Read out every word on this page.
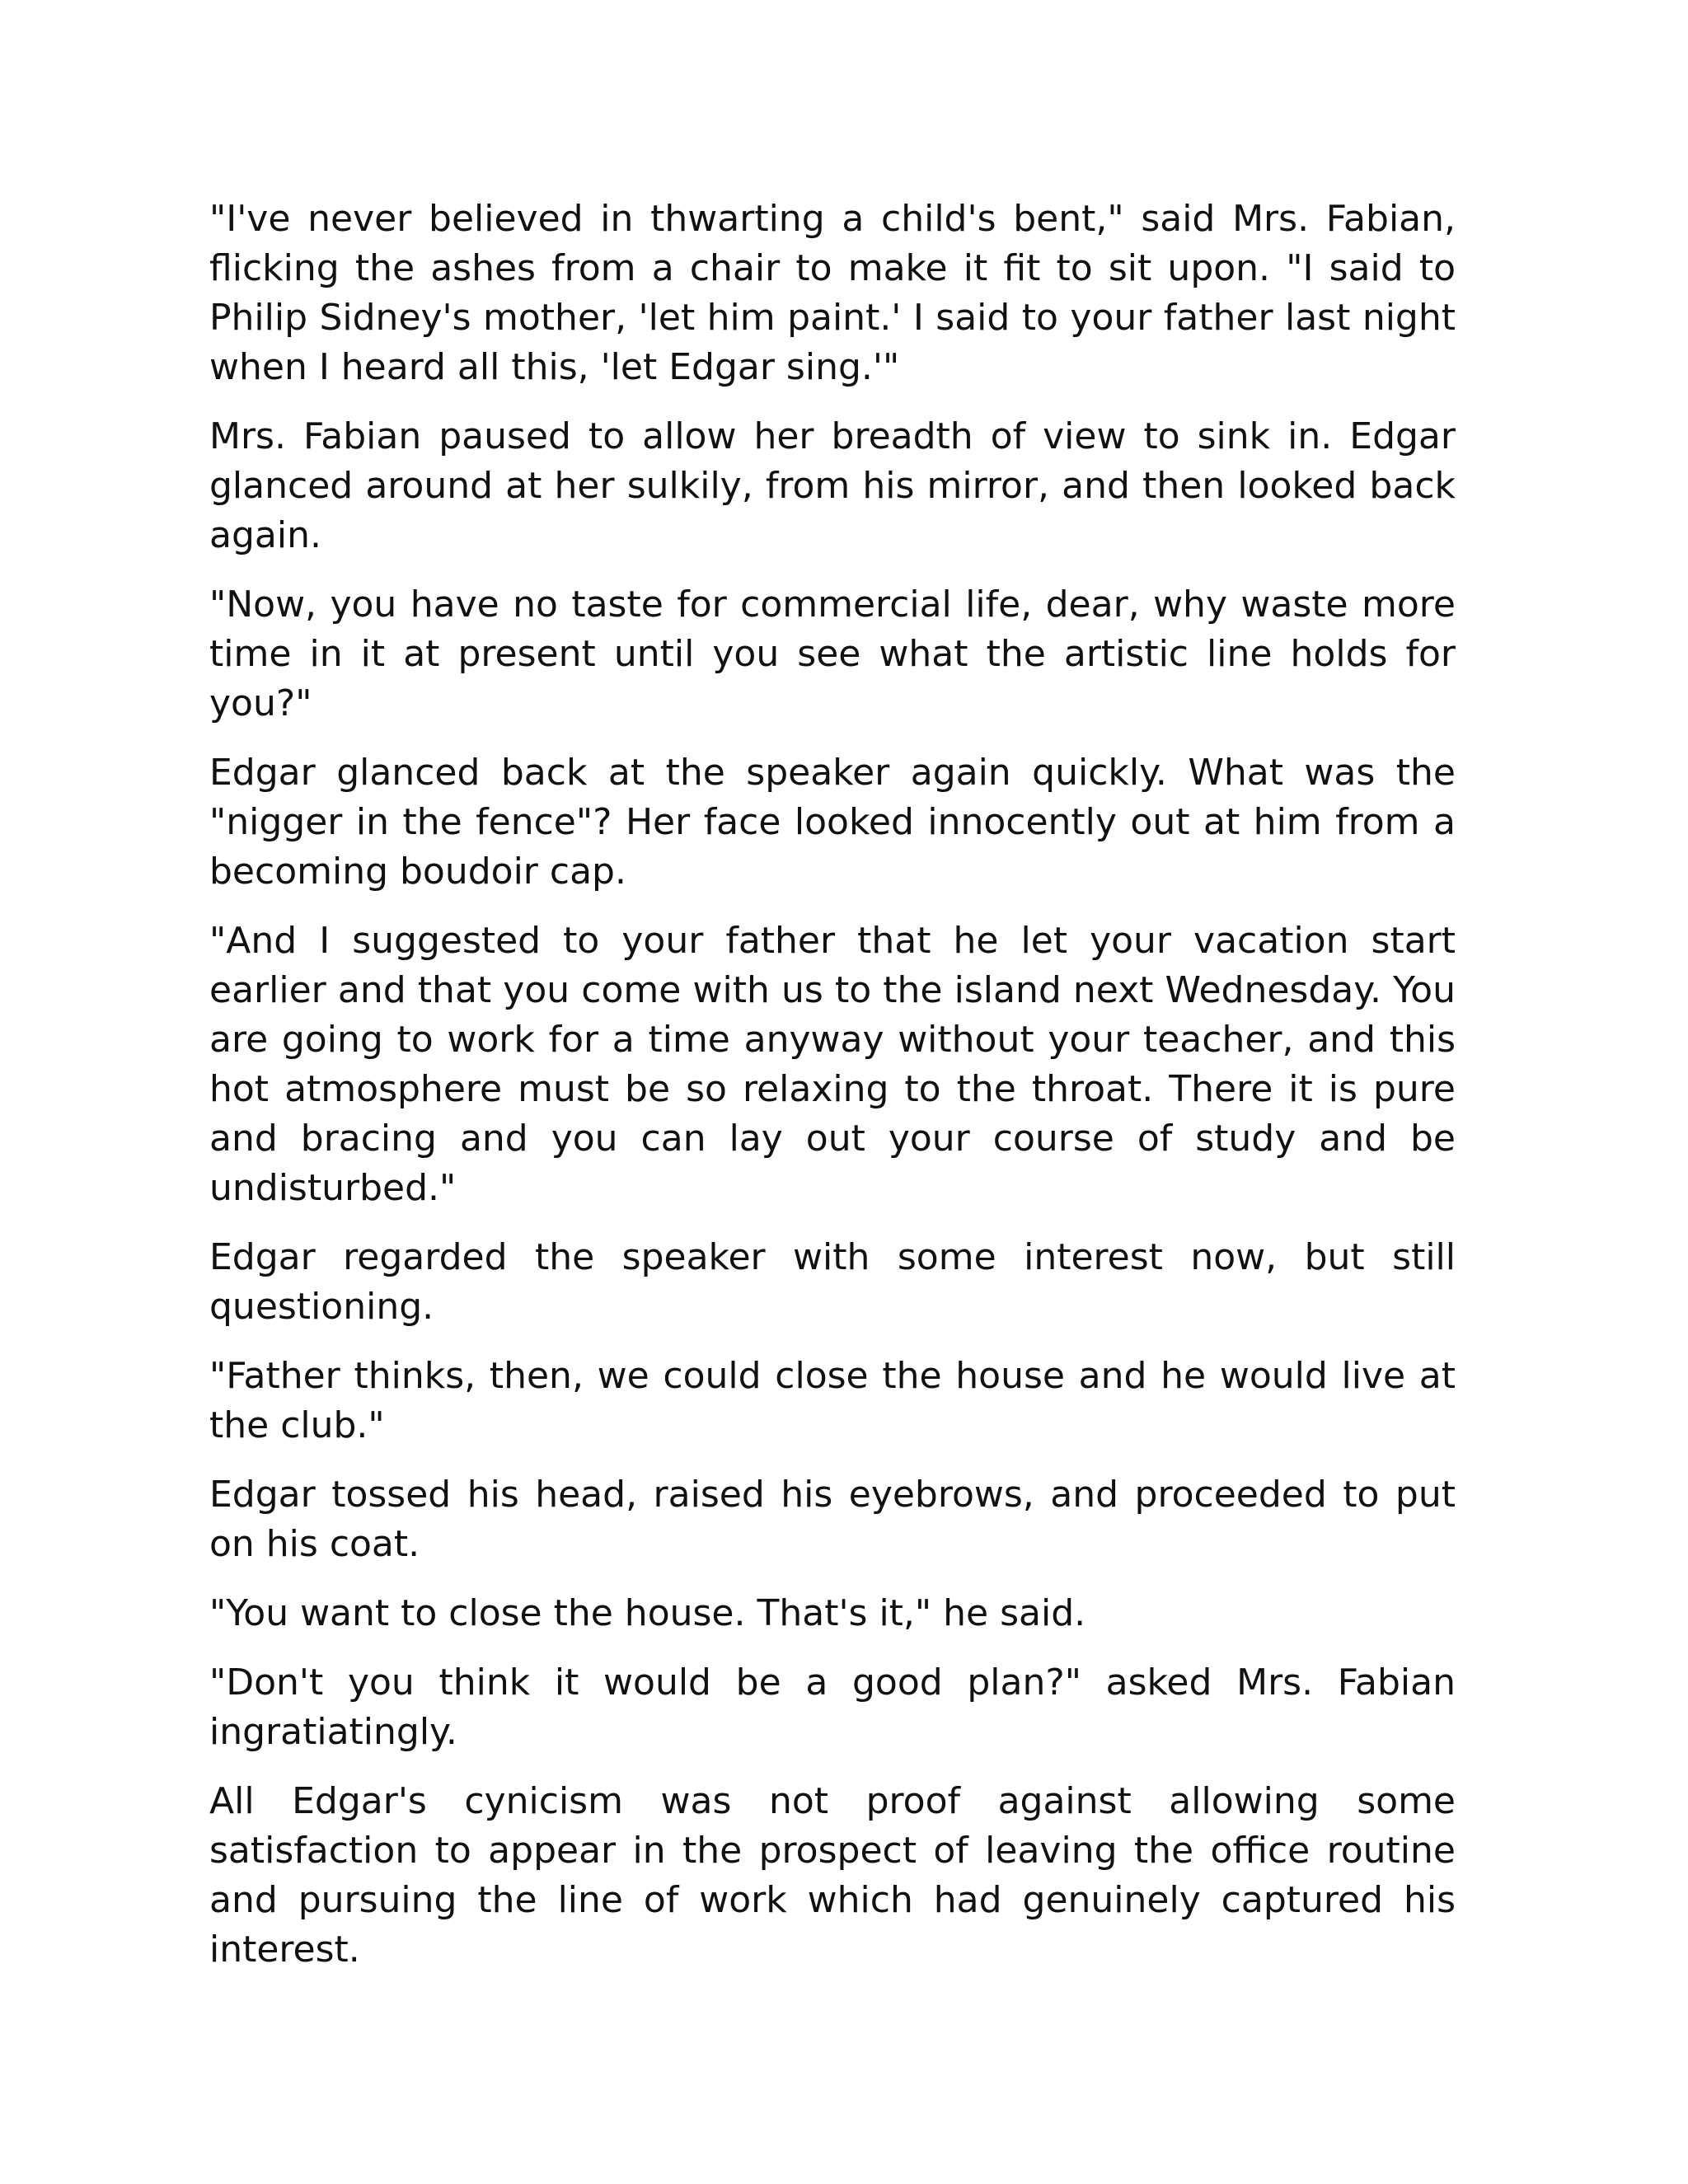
"I've never believed in thwarting a child's bent," said Mrs. Fabian, flicking the ashes from a chair to make it fit to sit upon. "I said to Philip Sidney's mother, 'let him paint.' I said to your father last night when I heard all this, 'let Edgar sing.'"

Mrs. Fabian paused to allow her breadth of view to sink in. Edgar glanced around at her sulkily, from his mirror, and then looked back again.

"Now, you have no taste for commercial life, dear, why waste more time in it at present until you see what the artistic line holds for you?"

Edgar glanced back at the speaker again quickly. What was the "nigger in the fence"? Her face looked innocently out at him from a becoming boudoir cap.

"And I suggested to your father that he let your vacation start earlier and that you come with us to the island next Wednesday. You are going to work for a time anyway without your teacher, and this hot atmosphere must be so relaxing to the throat. There it is pure and bracing and you can lay out your course of study and be undisturbed."

Edgar regarded the speaker with some interest now, but still questioning.

"Father thinks, then, we could close the house and he would live at the club."

Edgar tossed his head, raised his eyebrows, and proceeded to put on his coat.

"You want to close the house. That's it," he said.

"Don't you think it would be a good plan?" asked Mrs. Fabian ingratiatingly.

All Edgar's cynicism was not proof against allowing some satisfaction to appear in the prospect of leaving the office routine and pursuing the line of work which had genuinely captured his interest.
